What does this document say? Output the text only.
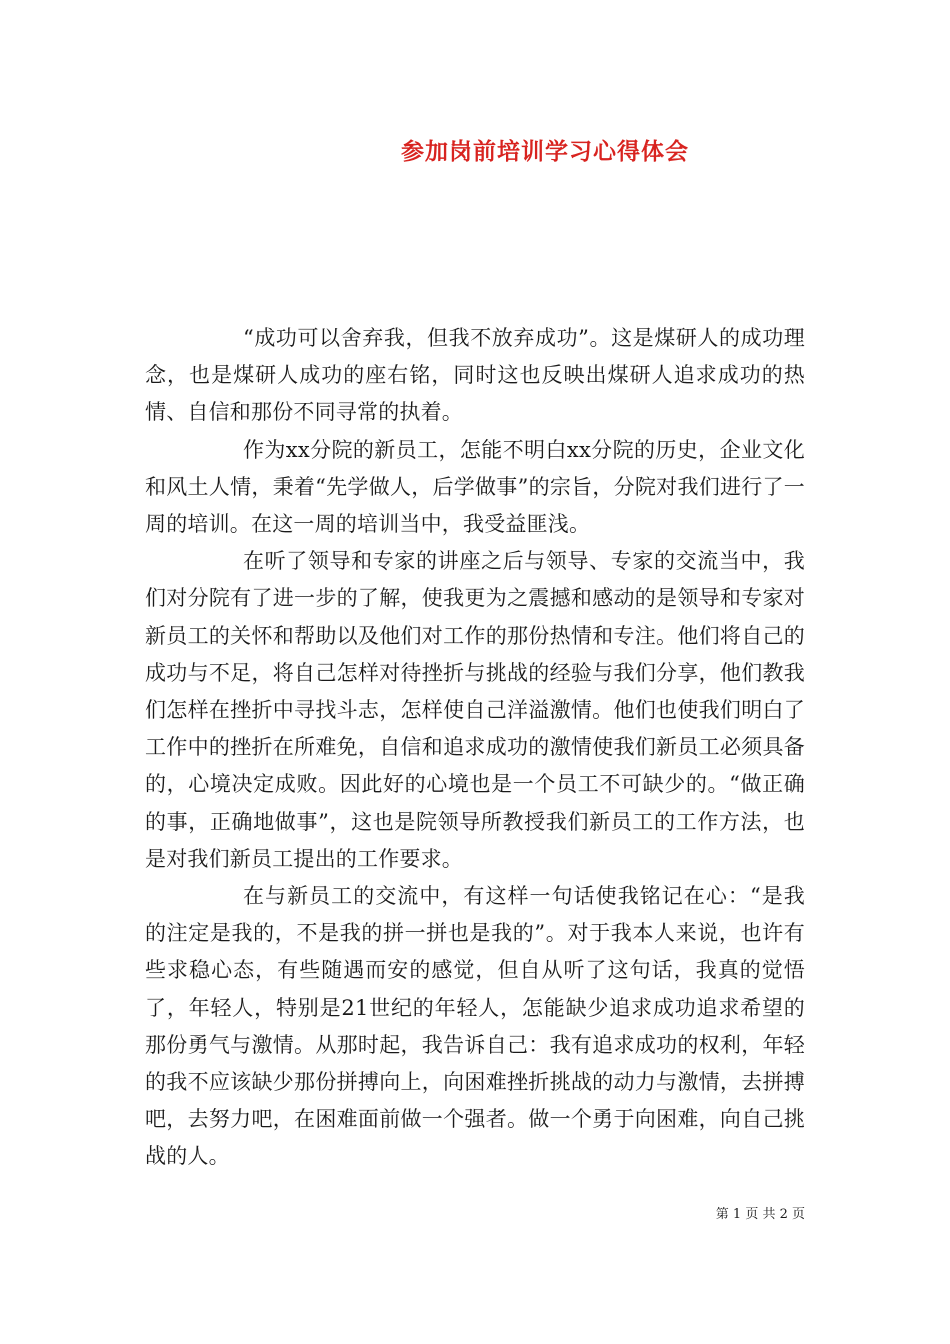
参加岗前培训学习心得体会

“成功可以舍弃我，但我不放弃成功”。这是煤研人的成功理念，也是煤研人成功的座右铭，同时这也反映出煤研人追求成功的热情、自信和那份不同寻常的执着。

作为xx分院的新员工，怎能不明白xx分院的历史，企业文化和风土人情，秉着“先学做人，后学做事”的宗旨，分院对我们进行了一周的培训。在这一周的培训当中，我受益匪浅。

在听了领导和专家的讲座之后与领导、专家的交流当中，我们对分院有了进一步的了解，使我更为之震撼和感动的是领导和专家对新员工的关怀和帮助以及他们对工作的那份热情和专注。他们将自己的成功与不足，将自己怎样对待挫折与挑战的经验与我们分享，他们教我们怎样在挫折中寻找斗志，怎样使自己洋溢激情。他们也使我们明白了工作中的挫折在所难免，自信和追求成功的激情使我们新员工必须具备的，心境决定成败。因此好的心境也是一个员工不可缺少的。“做正确的事，正确地做事”，这也是院领导所教授我们新员工的工作方法，也是对我们新员工提出的工作要求。

在与新员工的交流中，有这样一句话使我铭记在心：“是我的注定是我的，不是我的拼一拼也是我的”。对于我本人来说，也许有些求稳心态，有些随遇而安的感觉，但自从听了这句话，我真的觉悟了，年轻人，特别是21世纪的年轻人，怎能缺少追求成功追求希望的那份勇气与激情。从那时起，我告诉自己：我有追求成功的权利，年轻的我不应该缺少那份拼搏向上，向困难挫折挑战的动力与激情，去拼搏吧，去努力吧，在困难面前做一个强者。做一个勇于向困难，向自己挑战的人。

第 1 页 共 2 页
